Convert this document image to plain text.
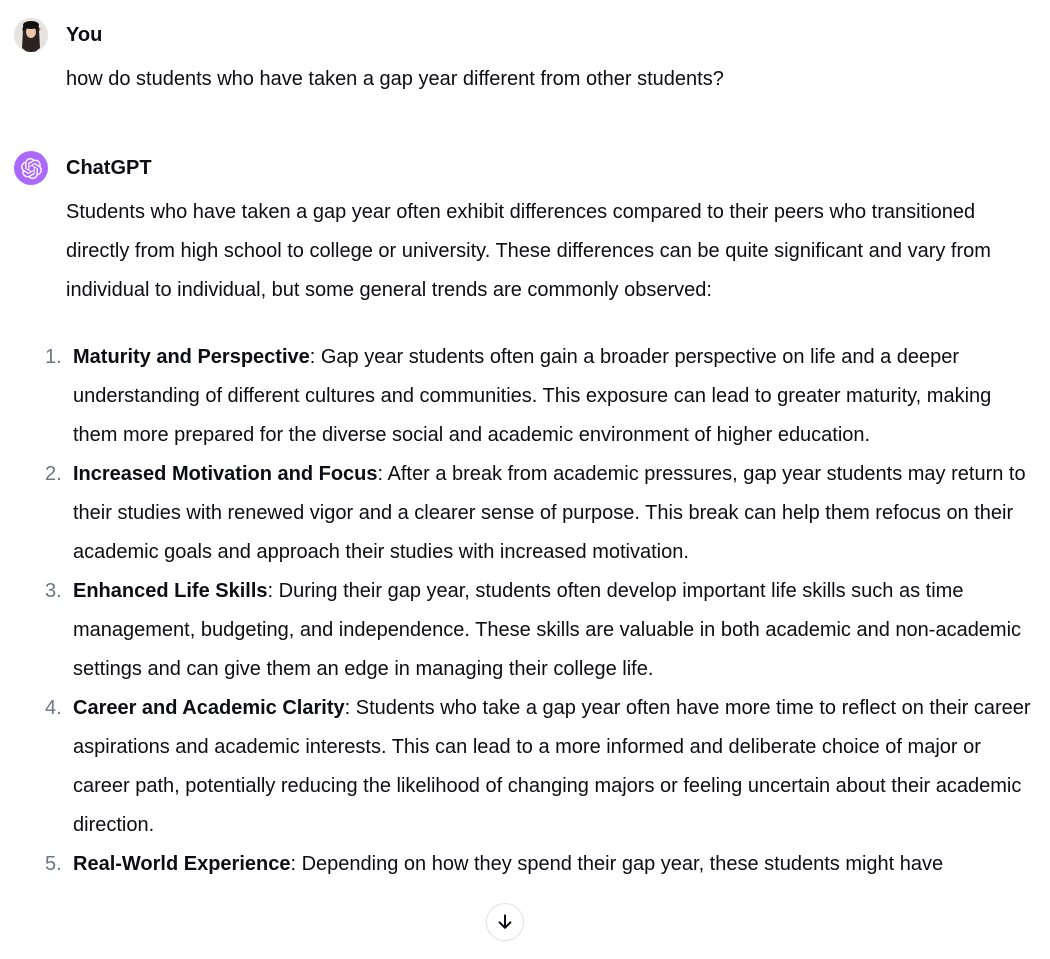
You
how do students who have taken a gap year different from other students?
ChatGPT

Students who have taken a gap year often exhibit differences compared to their peers who transitioned directly from high school to college or university. These differences can be quite significant and vary from individual to individual, but some general trends are commonly observed:

Maturity and Perspective: Gap year students often gain a broader perspective on life and a deeper understanding of different cultures and communities. This exposure can lead to greater maturity, making them more prepared for the diverse social and academic environment of higher education.
Increased Motivation and Focus: After a break from academic pressures, gap year students may return to their studies with renewed vigor and a clearer sense of purpose. This break can help them refocus on their academic goals and approach their studies with increased motivation.
Enhanced Life Skills: During their gap year, students often develop important life skills such as time management, budgeting, and independence. These skills are valuable in both academic and non-academic settings and can give them an edge in managing their college life.
Career and Academic Clarity: Students who take a gap year often have more time to reflect on their career aspirations and academic interests. This can lead to a more informed and deliberate choice of major or career path, potentially reducing the likelihood of changing majors or feeling uncertain about their academic direction.
Real-World Experience: Depending on how they spend their gap year, these students might have
